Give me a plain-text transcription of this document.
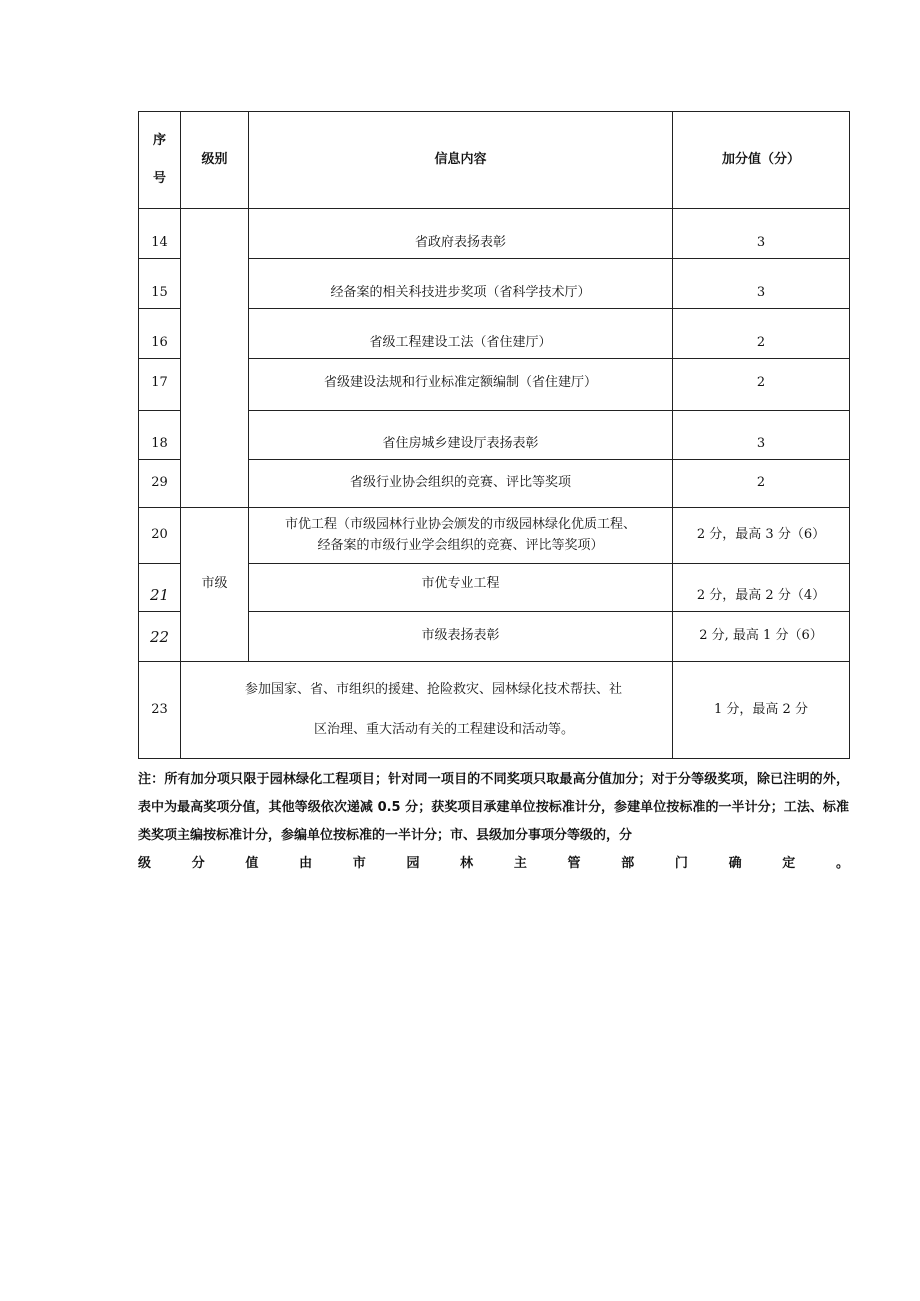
序
号	级别	信息内容	加分值（分）
14		省政府表扬表彰	3
15		经备案的相关科技进步奖项（省科学技术厅）	3
16		省级工程建设工法（省住建厅）	2
17		省级建设法规和行业标准定额编制（省住建厅）	2
18		省住房城乡建设厅表扬表彰	3
29		省级行业协会组织的竞赛、评比等奖项	2
20	市级	市优工程（市级园林行业协会颁发的市级园林绿化优质工程、
经备案的市级行业学会组织的竞赛、评比等奖项）	2 分，最高 3 分（6）
21		市优专业工程	2 分，最高 2 分（4）
22		市级表扬表彰	2 分, 最高 1 分（6）
23	参加国家、省、市组织的援建、抢险救灾、园林绿化技术帮扶、社
区治理、重大活动有关的工程建设和活动等。		1 分，最高 2 分

注：所有加分项只限于园林绿化工程项目；针对同一项目的不同奖项只取最高分值加分；对于分等级奖项，除已注明的外，表中为最高奖项分值，其他等级依次递减 0.5 分；获奖项目承建单位按标准计分，参建单位按标准的一半计分；工法、标准类奖项主编按标准计分，参编单位按标准的一半计分；市、县级加分事项分等级的，分

级	分	值	由	市	园	林	主	管	部	门	确	定	。
